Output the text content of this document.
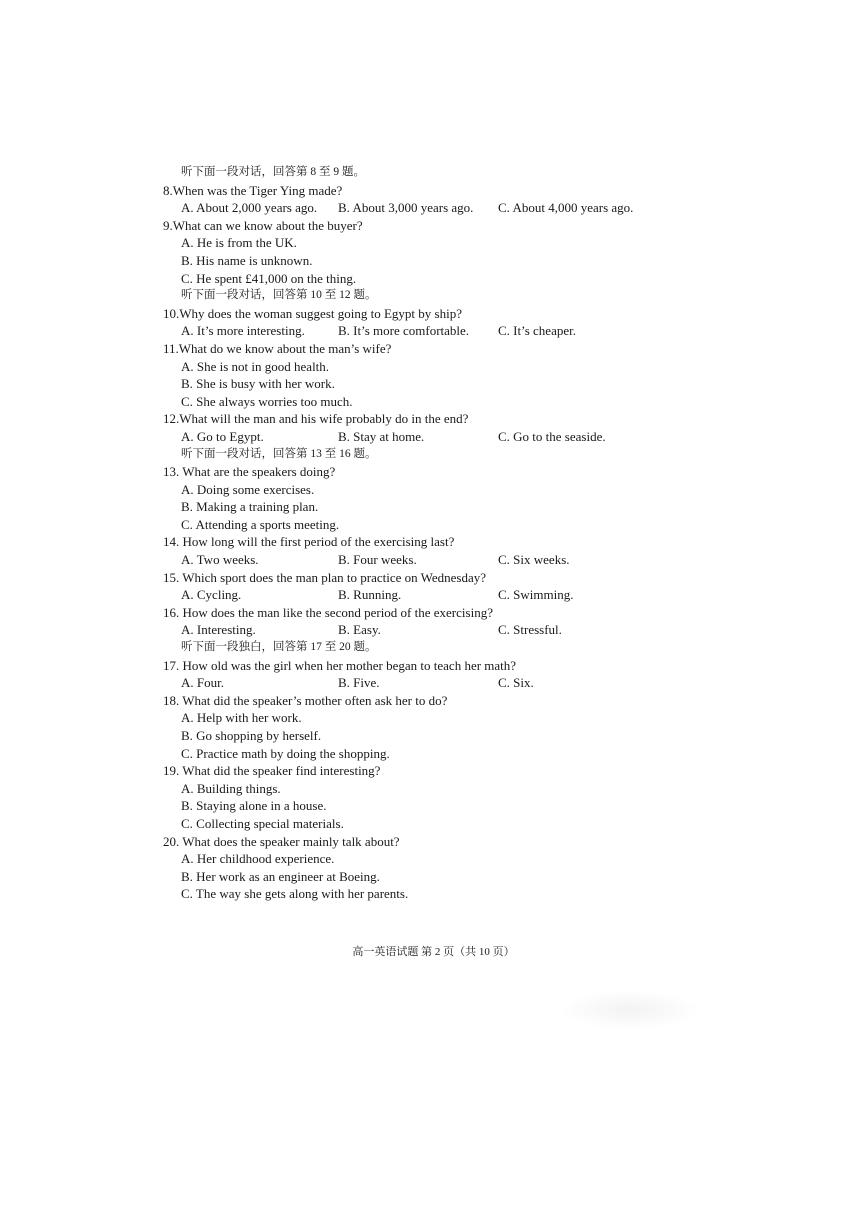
听下面一段对话，回答第 8 至 9 题。
8.When was the Tiger Ying made?
A. About 2,000 years ago.	B. About 3,000 years ago.	C. About 4,000 years ago.
9.What can we know about the buyer?
A. He is from the UK.
B. His name is unknown.
C. He spent £41,000 on the thing.
听下面一段对话，回答第 10 至 12 题。
10.Why does the woman suggest going to Egypt by ship?
A. It’s more interesting.	B. It’s more comfortable.	C. It’s cheaper.
11.What do we know about the man’s wife?
A. She is not in good health.
B. She is busy with her work.
C. She always worries too much.
12.What will the man and his wife probably do in the end?
A. Go to Egypt.	B. Stay at home.	C. Go to the seaside.
听下面一段对话，回答第 13 至 16 题。
13. What are the speakers doing?
A. Doing some exercises.
B. Making a training plan.
C. Attending a sports meeting.
14. How long will the first period of the exercising last?
A. Two weeks.	B. Four weeks.	C. Six weeks.
15. Which sport does the man plan to practice on Wednesday?
A. Cycling.	B. Running.	C. Swimming.
16. How does the man like the second period of the exercising?
A. Interesting.	B. Easy.	C. Stressful.
听下面一段独白，回答第 17 至 20 题。
17. How old was the girl when her mother began to teach her math?
A. Four.	B. Five.	C. Six.
18. What did the speaker’s mother often ask her to do?
A. Help with her work.
B. Go shopping by herself.
C. Practice math by doing the shopping.
19. What did the speaker find interesting?
A. Building things.
B. Staying alone in a house.
C. Collecting special materials.
20. What does the speaker mainly talk about?
A. Her childhood experience.
B. Her work as an engineer at Boeing.
C. The way she gets along with her parents.
高一英语试题 第 2 页（共 10 页）
